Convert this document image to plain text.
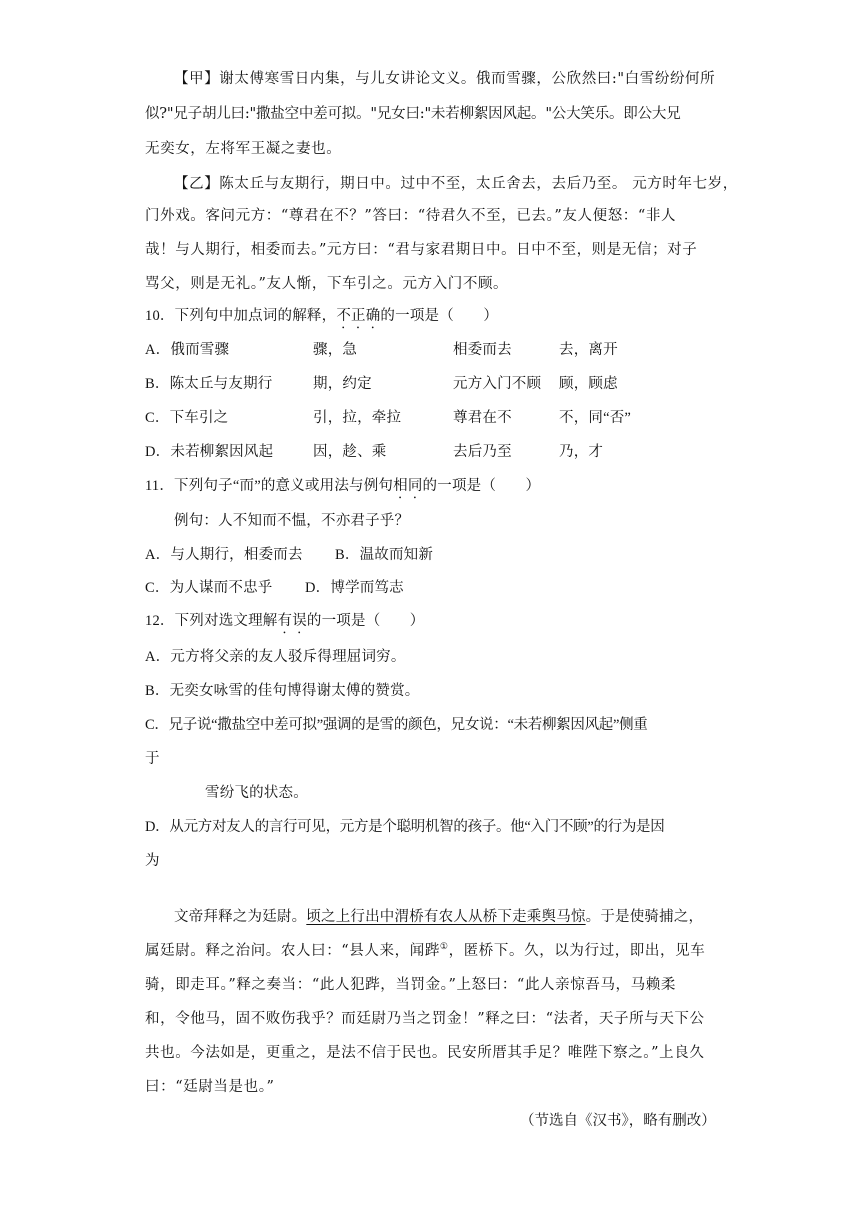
【甲】谢太傅寒雪日内集，与儿女讲论文义。俄而雪骤，公欣然曰:"白雪纷纷何所
似?"兄子胡儿曰:"撒盐空中差可拟。"兄女曰:"未若柳絮因风起。"公大笑乐。即公大兄
无奕女，左将军王凝之妻也。
【乙】陈太丘与友期行，期日中。过中不至，太丘舍去，去后乃至。 元方时年七岁，
门外戏。客问元方：“尊君在不？”答曰：“待君久不至，已去。”友人便怒：“非人
哉！与人期行，相委而去。”元方曰：“君与家君期日中。日中不至，则是无信；对子
骂父，则是无礼。”友人惭，下车引之。元方入门不顾。
10．下列句中加点词的解释，不正确的一项是（　　）
A．俄而雪骤	骤，急	相委而去	去，离开
B．陈太丘与友期行	期，约定	元方入门不顾 顾，顾虑
C．下车引之	引，拉，牵拉	尊君在不	不，同“否”
D．未若柳絮因风起	因，趁、乘	去后乃至	乃，才
11．下列句子“而”的意义或用法与例句相同的一项是（　　）
例句：人不知而不愠，不亦君子乎？
A．与人期行，相委而去 B．温故而知新
C．为人谋而不忠乎 D．博学而笃志
12．下列对选文理解有误的一项是（　　）
A．元方将父亲的友人驳斥得理屈词穷。
B．无奕女咏雪的佳句博得谢太傅的赞赏。
C．兄子说“撒盐空中差可拟”强调的是雪的颜色，兄女说：“未若柳絮因风起”侧重
于
雪纷飞的状态。
D．从元方对友人的言行可见，元方是个聪明机智的孩子。他“入门不顾”的行为是因
为
文帝拜释之为廷尉。顷之上行出中渭桥有农人从桥下走乘舆马惊。于是使骑捕之，
属廷尉。释之治问。农人曰：“县人来，闻跸①，匿桥下。久，以为行过，即出，见车
骑，即走耳。”释之奏当：“此人犯跸，当罚金。”上怒曰：“此人亲惊吾马，马赖柔
和，令他马，固不败伤我乎？而廷尉乃当之罚金！”释之曰：“法者，天子所与天下公
共也。今法如是，更重之，是法不信于民也。民安所厝其手足？唯陛下察之。”上良久
曰：“廷尉当是也。”
（节选自《汉书》，略有删改）
